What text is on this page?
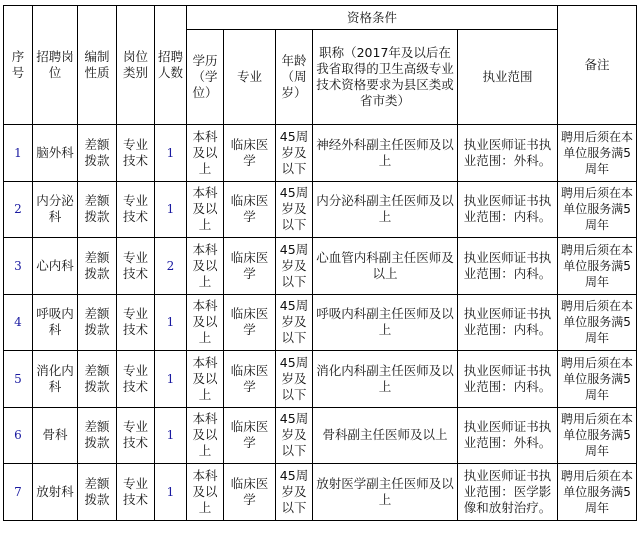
序号	招聘岗位	编制性质	岗位类别	招聘人数	资格条件					备注
					学历（学位）	专业	年龄（周岁）	职称（2017年及以后在我省取得的卫生高级专业技术资格要求为县区类或省市类）	执业范围	
1	脑外科	差额拨款	专业技术	1	本科及以上	临床医学	45周岁及以下	神经外科副主任医师及以上	执业医师证书执业范围：外科。	聘用后须在本单位服务满5周年
2	内分泌科	差额拨款	专业技术	1	本科及以上	临床医学	45周岁及以下	内分泌科副主任医师及以上	执业医师证书执业范围：内科。	聘用后须在本单位服务满5周年
3	心内科	差额拨款	专业技术	2	本科及以上	临床医学	45周岁及以下	心血管内科副主任医师及以上	执业医师证书执业范围：内科。	聘用后须在本单位服务满5周年
4	呼吸内科	差额拨款	专业技术	1	本科及以上	临床医学	45周岁及以下	呼吸内科副主任医师及以上	执业医师证书执业范围：内科。	聘用后须在本单位服务满5周年
5	消化内科	差额拨款	专业技术	1	本科及以上	临床医学	45周岁及以下	消化内科副主任医师及以上	执业医师证书执业范围：内科。	聘用后须在本单位服务满5周年
6	骨科	差额拨款	专业技术	1	本科及以上	临床医学	45周岁及以下	骨科副主任医师及以上	执业医师证书执业范围：外科。	聘用后须在本单位服务满5周年
7	放射科	差额拨款	专业技术	1	本科及以上	临床医学	45周岁及以下	放射医学副主任医师及以上	执业医师证书执业范围：医学影像和放射治疗。	聘用后须在本单位服务满5周年
